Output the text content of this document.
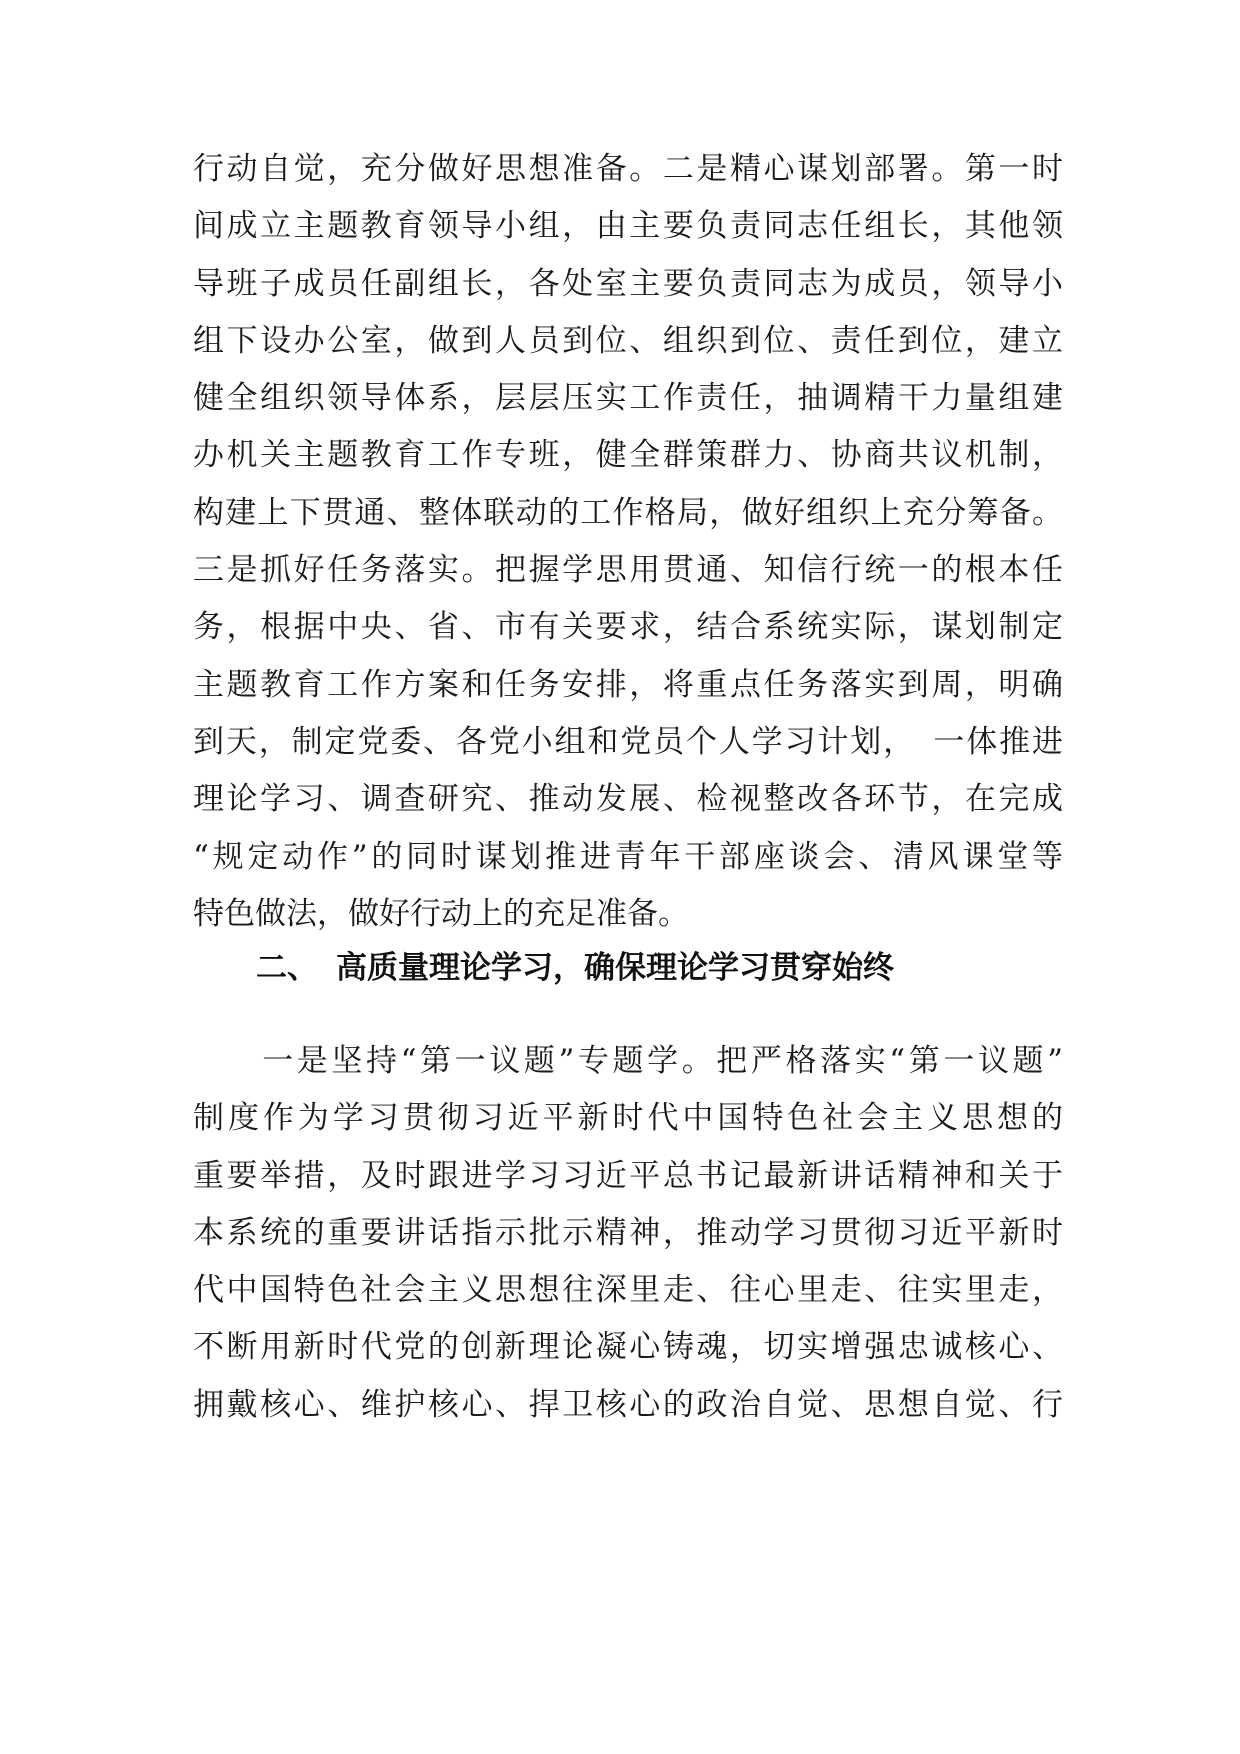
行动自觉，充分做好思想准备。二是精心谋划部署。第一时
间成立主题教育领导小组，由主要负责同志任组长，其他领
导班子成员任副组长，各处室主要负责同志为成员，领导小
组下设办公室，做到人员到位、组织到位、责任到位，建立
健全组织领导体系，层层压实工作责任，抽调精干力量组建
办机关主题教育工作专班，健全群策群力、协商共议机制，
构建上下贯通、整体联动的工作格局，做好组织上充分筹备。
三是抓好任务落实。把握学思用贯通、知信行统一的根本任
务，根据中央、省、市有关要求，结合系统实际，谋划制定
主题教育工作方案和任务安排，将重点任务落实到周，明确
到天，制定党委、各党小组和党员个人学习计划，　一体推进
理论学习、调查研究、推动发展、检视整改各环节，在完成
“规定动作”的同时谋划推进青年干部座谈会、清风课堂等
特色做法，做好行动上的充足准备。
二、 高质量理论学习，确保理论学习贯穿始终
　　一是坚持“第一议题”专题学。把严格落实“第一议题”
制度作为学习贯彻习近平新时代中国特色社会主义思想的
重要举措，及时跟进学习习近平总书记最新讲话精神和关于
本系统的重要讲话指示批示精神，推动学习贯彻习近平新时
代中国特色社会主义思想往深里走、往心里走、往实里走，
不断用新时代党的创新理论凝心铸魂，切实增强忠诚核心、
拥戴核心、维护核心、捍卫核心的政治自觉、思想自觉、行
